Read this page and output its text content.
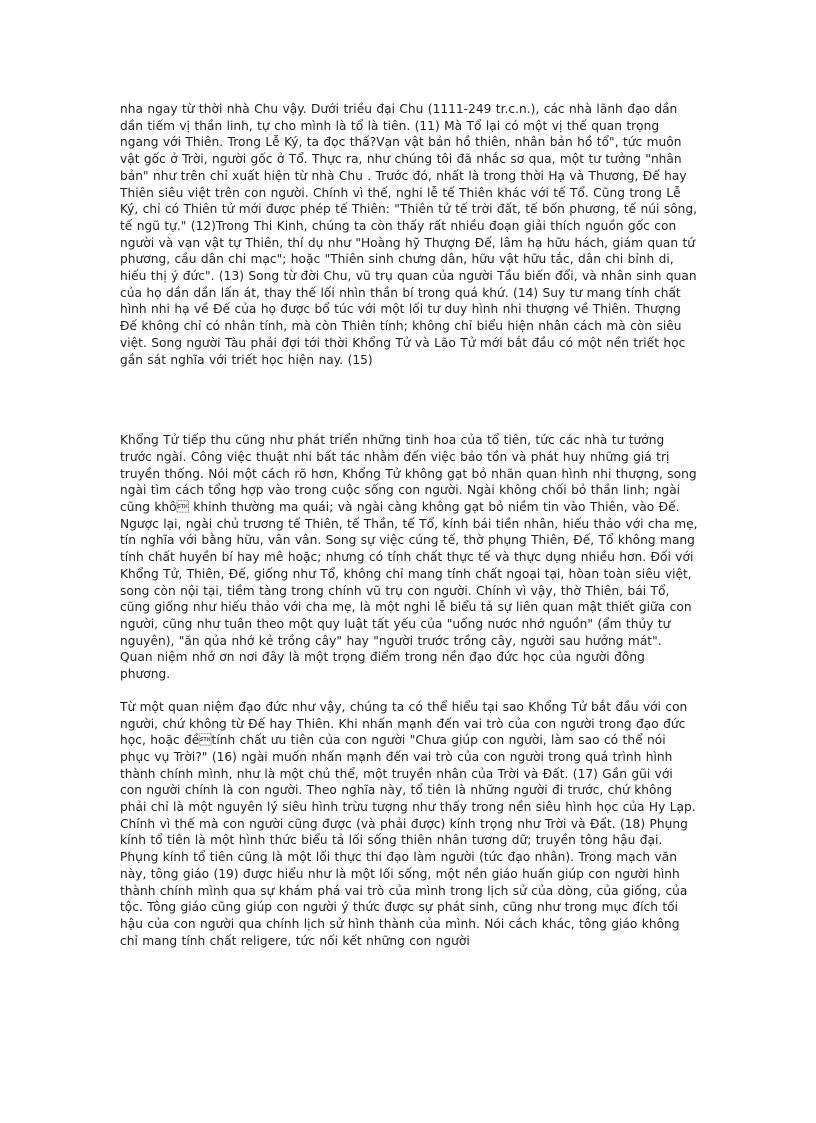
nha ngay từ thời nhà Chu vậy. Dưới triều đại Chu (1111-249 tr.c.n.), các nhà lãnh đạo dần dần tiếm vị thần linh, tự cho mình là tổ là tiên. (11) Mà Tổ lại có một vị thế quan trọng ngang với Thiên. Trong Lễ Ký, ta đọc thấ?Vạn vật bản hồ thiên, nhân bản hồ tổ", tức muôn vật gốc ở Trời, người gốc ở Tổ. Thực ra, như chúng tôi đã nhắc sơ qua, một tư tưởng "nhân bản" như trên chỉ xuất hiện từ nhà Chu . Trước đó, nhất là trong thời Hạ và Thương, Đế hay Thiên siêu việt trên con người. Chính vì thế, nghi lễ tế Thiên khác với tế Tổ. Cũng trong Lễ Ký, chỉ có Thiên tử mới được phép tế Thiên: "Thiên tử tế trời đất, tế bốn phương, tế núi sông, tế ngũ tự." (12)Trong Thi Kinh, chúng ta còn thấy rất nhiều đoạn giải thích nguồn gốc con người và vạn vật tự Thiên, thí dụ như "Hoàng hỹ Thượng Đế, lâm hạ hữu hách, giám quan tứ phương, cầu dân chi mạc"; hoặc "Thiên sinh chưng dân, hữu vật hữu tắc, dân chi bỉnh di, hiếu thị ý đức". (13) Song từ đời Chu, vũ trụ quan của người Tầu biến đổi, và nhân sinh quan của họ dần dần lấn át, thay thế lối nhìn thần bí trong quá khứ. (14) Suy tư mang tính chất hình nhi hạ về Đế của họ được bổ túc với một lối tư duy hình nhi thượng về Thiên. Thượng Đế không chỉ có nhân tính, mà còn Thiên tính; không chỉ biểu hiện nhân cách mà còn siêu việt. Song người Tàu phải đợi tới thời Khổng Tử và Lão Tử mới bắt đầu có một nền triết học gần sát nghĩa với triết học hiện nay. (15)

Khổng Tử tiếp thu cũng như phát triển những tinh hoa của tổ tiên, tức các nhà tư tưởng trước ngài. Công việc thuật nhi bất tác nhằm đến việc bảo tồn và phát huy những giá trị truyền thống. Nói một cách rõ hơn, Khổng Tử không gạt bỏ nhãn quan hình nhi thượng, song ngài tìm cách tổng hợp vào trong cuộc sống con người. Ngài không chối bỏ thần linh; ngài cũng khô khinh thường ma quái; và ngài càng không gạt bỏ niềm tin vào Thiên, vào Đế. Ngược lại, ngài chủ trương tế Thiên, tế Thần, tế Tổ, kính bái tiền nhân, hiếu thảo với cha mẹ, tín nghĩa với bằng hữu, vân vân. Song sự việc cúng tế, thờ phụng Thiên, Đế, Tổ không mang tính chất huyền bí hay mê hoặc; nhưng có tính chất thực tế và thực dụng nhiều hơn. Đối với Khổng Tử, Thiên, Đế, giống như Tổ, không chỉ mang tính chất ngoại tại, hòan toàn siêu việt, song còn nội tại, tiềm tàng trong chính vũ trụ con người. Chính vì vậy, thờ Thiên, bái Tổ, cũng giống như hiếu thảo với cha mẹ, là một nghi lễ biểu tả sự liên quan mật thiết giữa con người, cũng như tuân theo một quy luật tất yếu của "uống nước nhớ nguồn" (ẩm thủy tư nguyên), "ăn qủa nhớ kẻ trồng cây" hay "người trước trồng cây, người sau hưởng mát". Quan niệm nhớ ơn nơi đây là một trọng điểm trong nền đạo đức học của người đông phương.

Từ một quan niệm đạo đức như vậy, chúng ta có thể hiểu tại sao Khổng Tử bắt đầu với con người, chứ không từ Đế hay Thiên. Khi nhấn mạnh đến vai trò của con người trong đạo đức học, hoặc đềtính chất ưu tiên của con người "Chưa giúp con người, làm sao có thể nói phục vụ Trời?" (16) ngài muốn nhấn mạnh đến vai trò của con người trong quá trình hình thành chính mình, như là một chủ thể, một truyền nhân của Trời và Đất. (17) Gần gũi với con người chính là con người. Theo nghĩa này, tổ tiên là những người đi trước, chứ không phải chỉ là một nguyên lý siêu hình trừu tượng như thấy trong nền siêu hình học của Hy Lạp. Chính vì thế mà con người cũng được (và phải được) kính trọng như Trời và Đất. (18) Phụng kính tổ tiên là một hình thức biểu tả lối sống thiên nhân tương dữ; truyền tông hậu đại. Phụng kính tổ tiên cũng là một lối thực thi đạo làm người (tức đạo nhân). Trong mạch văn này, tông giáo (19) được hiểu như là một lối sống, một nền giáo huấn giúp con người hình thành chính mình qua sự khám phá vai trò của mình trong lịch sử của dòng, của giống, của tộc. Tông giáo cũng giúp con người ý thức được sự phát sinh, cũng như trong mục đích tối hậu của con người qua chính lịch sử hình thành của mình. Nói cách khác, tông giáo không chỉ mang tính chất religere, tức nối kết những con người
